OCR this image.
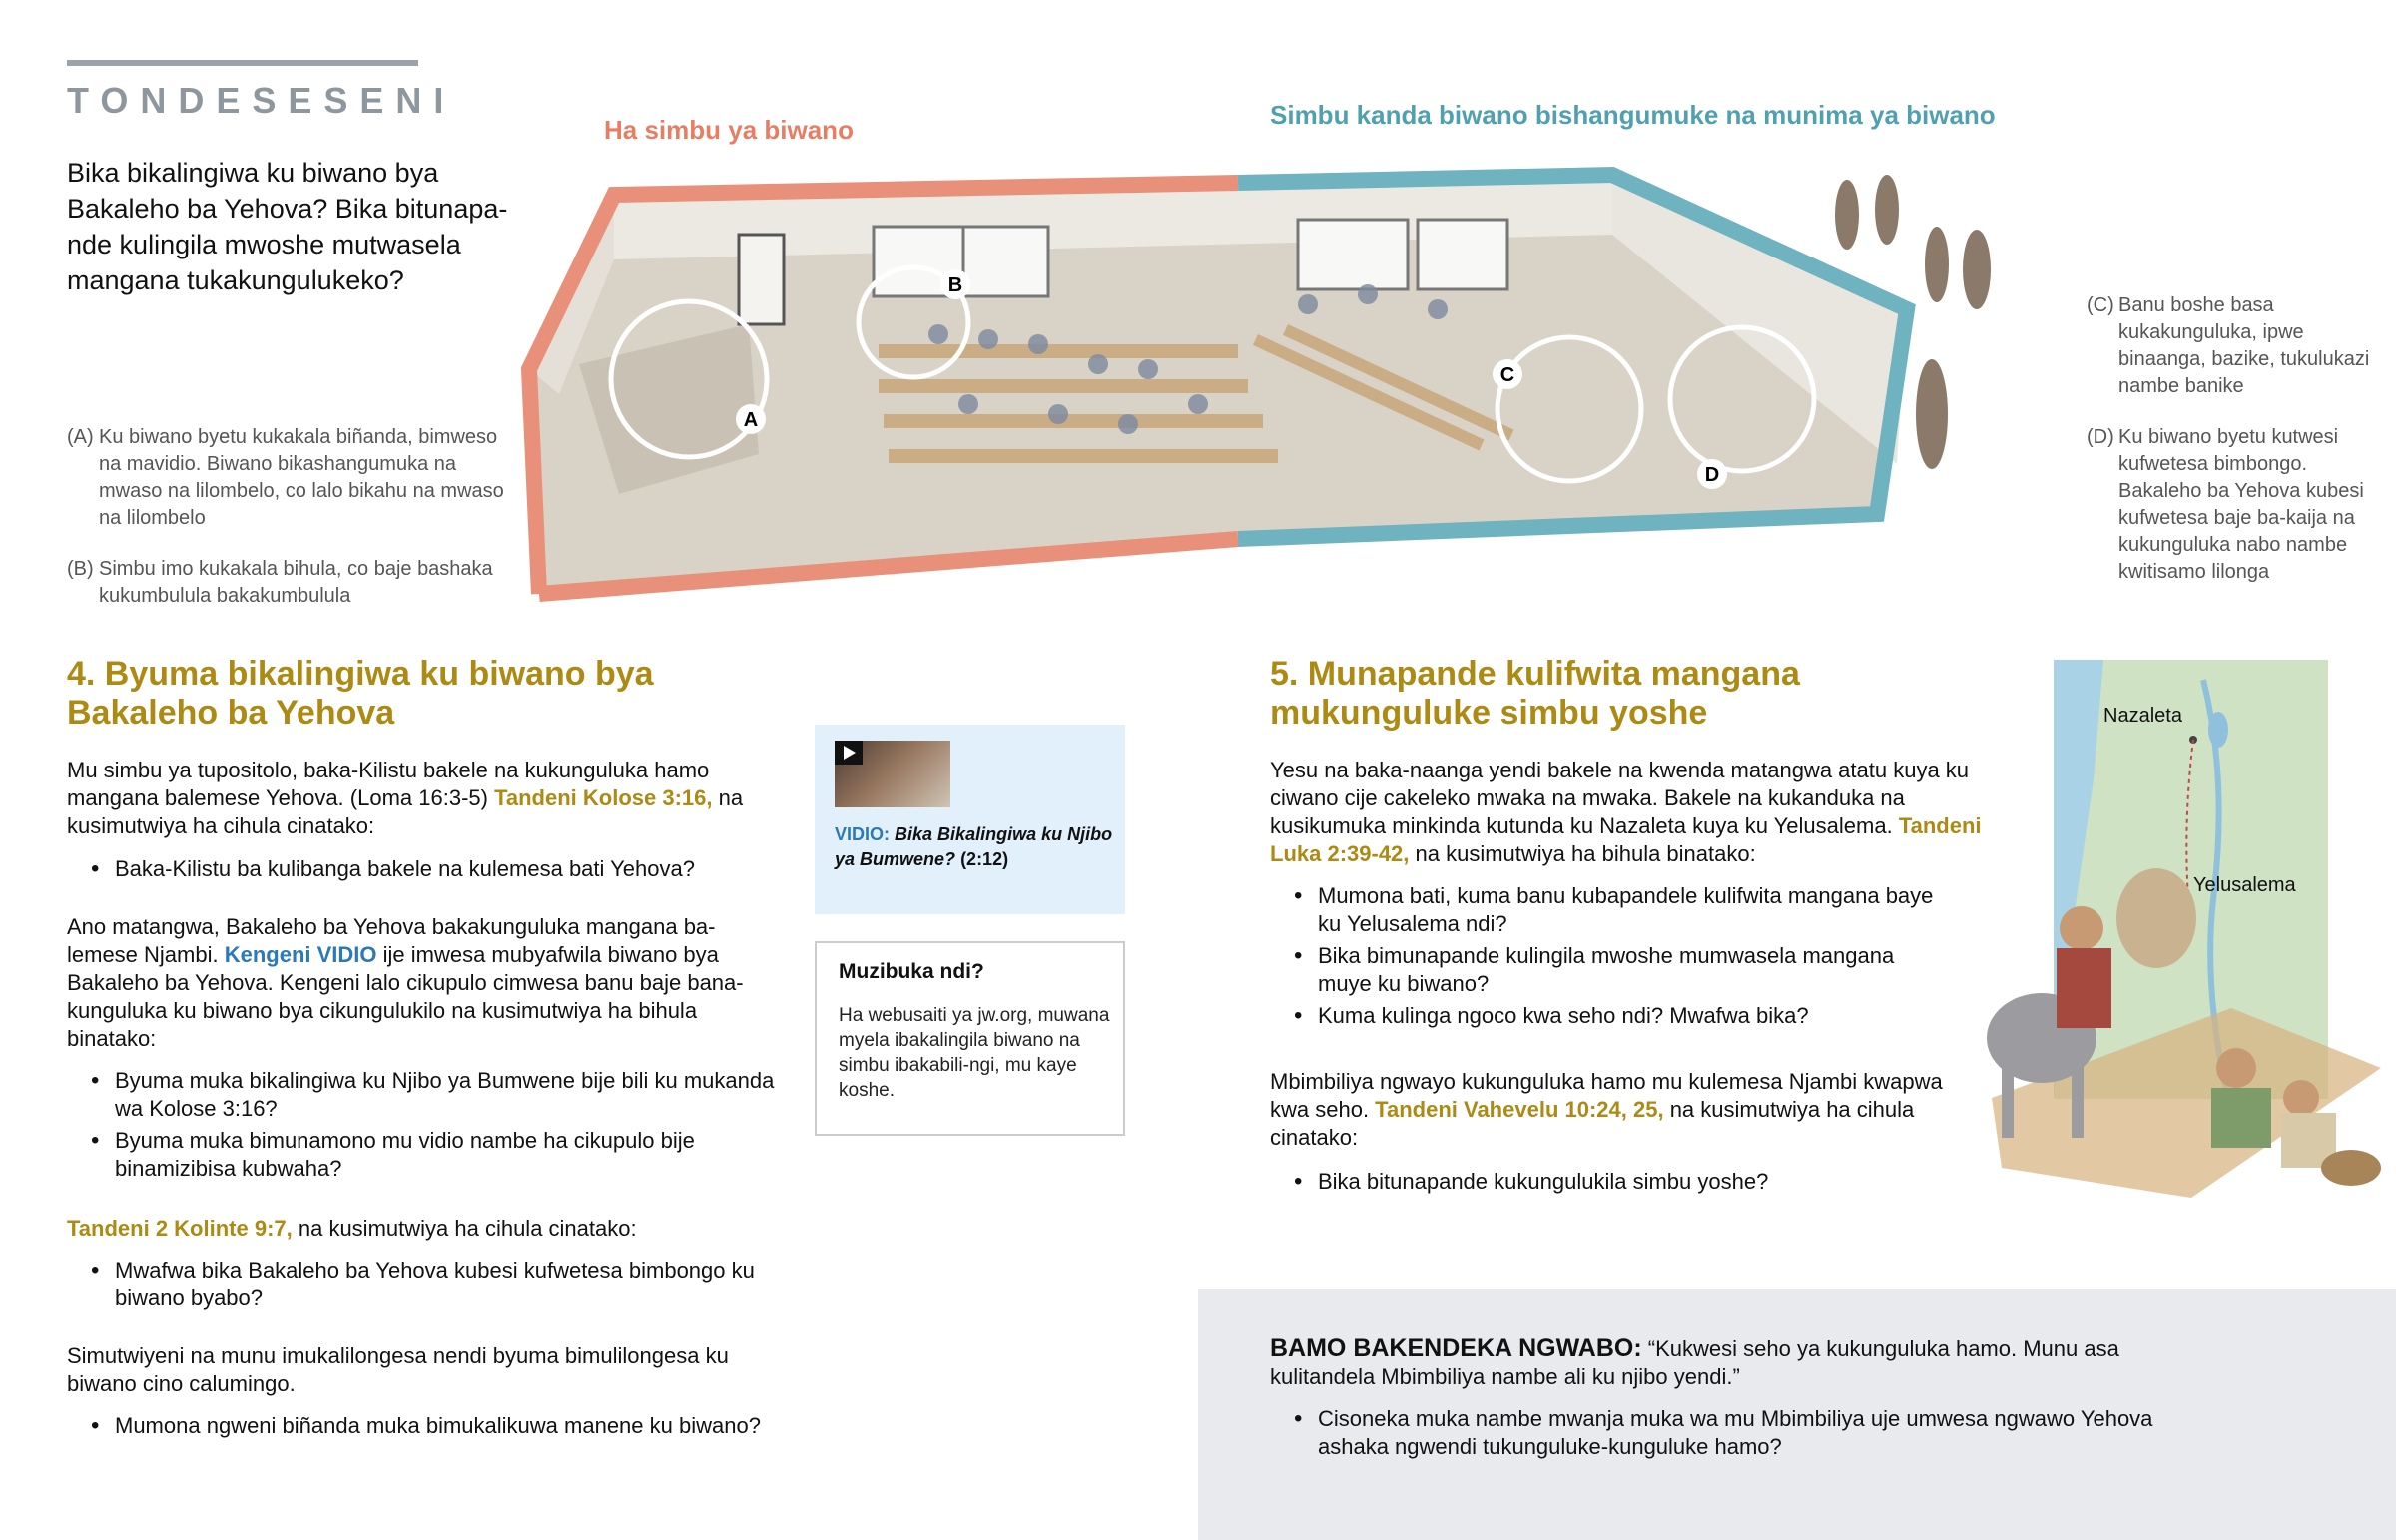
TONDESESENI
Bika bikalingiwa ku biwano bya Bakaleho ba Yehova? Bika bitunapa-nde kulingila mwoshe mutwasela mangana tukakungulukeko?
Ha simbu ya biwano	Simbu kanda biwano bishangumuke na munima ya biwano
(A) Ku biwano byetu kukakala biñanda, bimweso na mavidio. Biwano bikashangumuka na mwaso na lilombelo, co lalo bikahu na mwaso na lilombelo
(B) Simbu imo kukakala bihula, co baje bashaka kukumbulula bakakumbulula
(C) Banu boshe basa kukakunguluka, ipwe binaanga, bazike, tukulukazi nambe banike
(D) Ku biwano byetu kutwesi kufwetesa bimbongo. Bakaleho ba Yehova kubesi kufwetesa baje ba-kaija na kukunguluka nabo nambe kwitisamo lilonga
A
B
C
D
4. Byuma bikalingiwa ku biwano bya Bakaleho ba Yehova
Mu simbu ya tupositolo, baka-Kilistu bakele na kukunguluka hamo mangana balemese Yehova. (Loma 16:3-5) Tandeni Kolose 3:16, na kusimutwiya ha cihula cinatako:
• Baka-Kilistu ba kulibanga bakele na kulemesa bati Yehova?
Ano matangwa, Bakaleho ba Yehova bakakunguluka mangana ba-lemese Njambi. Kengeni VIDIO ije imwesa mubyafwila biwano bya Bakaleho ba Yehova. Kengeni lalo cikupulo cimwesa banu baje bana-kunguluka ku biwano bya cikungulukilo na kusimutwiya ha bihula binatako:
• Byuma muka bikalingiwa ku Njibo ya Bumwene bije bili ku mukanda wa Kolose 3:16?
• Byuma muka bimunamono mu vidio nambe ha cikupulo bije binamizibisa kubwaha?
Tandeni 2 Kolinte 9:7, na kusimutwiya ha cihula cinatako:
• Mwafwa bika Bakaleho ba Yehova kubesi kufwetesa bimbongo ku biwano byabo?
Simutwiyeni na munu imukalilongesa nendi byuma bimulilongesa ku biwano cino calumingo.
• Mumona ngweni biñanda muka bimukalikuwa manene ku biwano?
VIDIO: Bika Bikalingiwa ku Njibo ya Bumwene? (2:12)
Muzibuka ndi?
Ha webusaiti ya jw.org, muwana myela ibakalingila biwano na simbu ibakabili-ngi, mu kaye koshe.
5. Munapande kulifwita mangana mukunguluke simbu yoshe
Yesu na baka-naanga yendi bakele na kwenda matangwa atatu kuya ku ciwano cije cakeleko mwaka na mwaka. Bakele na kukanduka na kusikumuka minkinda kutunda ku Nazaleta kuya ku Yelusalema. Tandeni Luka 2:39-42, na kusimutwiya ha bihula binatako:
• Mumona bati, kuma banu kubapandele kulifwita mangana baye ku Yelusalema ndi?
• Bika bimunapande kulingila mwoshe mumwasela mangana muye ku biwano?
• Kuma kulinga ngoco kwa seho ndi? Mwafwa bika?
Mbimbiliya ngwayo kukunguluka hamo mu kulemesa Njambi kwapwa kwa seho. Tandeni Vahevelu 10:24, 25, na kusimutwiya ha cihula cinatako:
• Bika bitunapande kukungulukila simbu yoshe?
Nazaleta
Yelusalema
BAMO BAKENDEKA NGWABO: “Kukwesi seho ya kukunguluka hamo. Munu asa kulitandela Mbimbiliya nambe ali ku njibo yendi.”
• Cisoneka muka nambe mwanja muka wa mu Mbimbiliya uje umwesa ngwawo Yehova ashaka ngwendi tukunguluke-kunguluke hamo?
